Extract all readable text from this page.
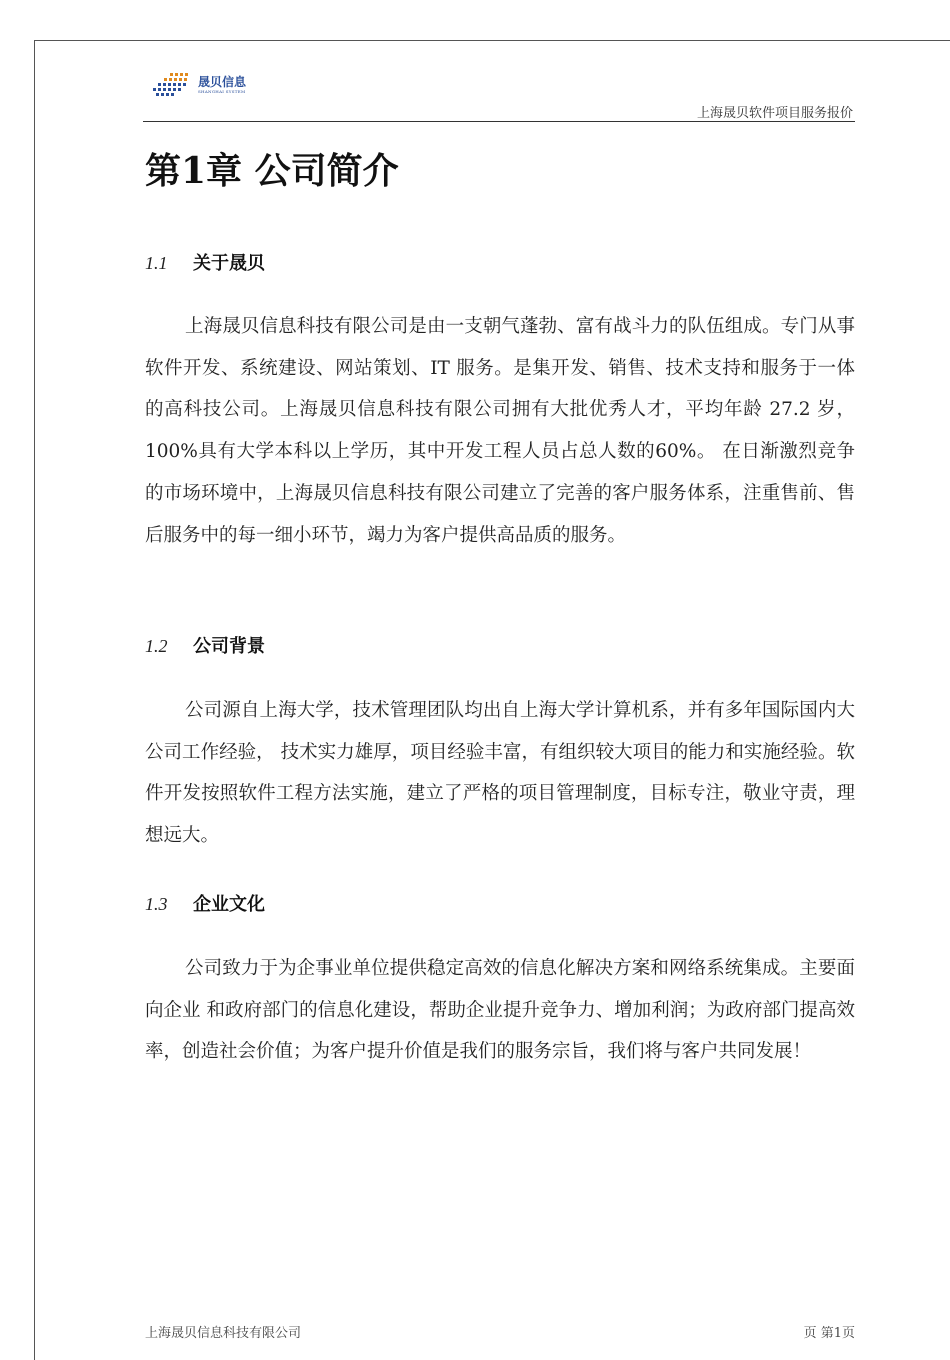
晟贝信息
SHANGHAI SYSTEM
上海晟贝软件项目服务报价
第1章 公司简介
1.1	关于晟贝

上海晟贝信息科技有限公司是由一支朝气蓬勃、富有战斗力的队伍组成。专门从事软件开发、系统建设、网站策划、IT 服务。是集开发、销售、技术支持和服务于一体的高科技公司。上海晟贝信息科技有限公司拥有大批优秀人才，平均年龄 27.2 岁，100%具有大学本科以上学历，其中开发工程人员占总人数的60%。 在日渐激烈竞争的市场环境中，上海晟贝信息科技有限公司建立了完善的客户服务体系，注重售前、售后服务中的每一细小环节，竭力为客户提供高品质的服务。

1.2	公司背景

公司源自上海大学，技术管理团队均出自上海大学计算机系，并有多年国际国内大公司工作经验， 技术实力雄厚，项目经验丰富，有组织较大项目的能力和实施经验。软件开发按照软件工程方法实施，建立了严格的项目管理制度，目标专注，敬业守责，理想远大。

1.3	企业文化

公司致力于为企事业单位提供稳定高效的信息化解决方案和网络系统集成。主要面向企业 和政府部门的信息化建设，帮助企业提升竞争力、增加利润；为政府部门提高效率，创造社会价值；为客户提升价值是我们的服务宗旨，我们将与客户共同发展！

上海晟贝信息科技有限公司	页 第1页
